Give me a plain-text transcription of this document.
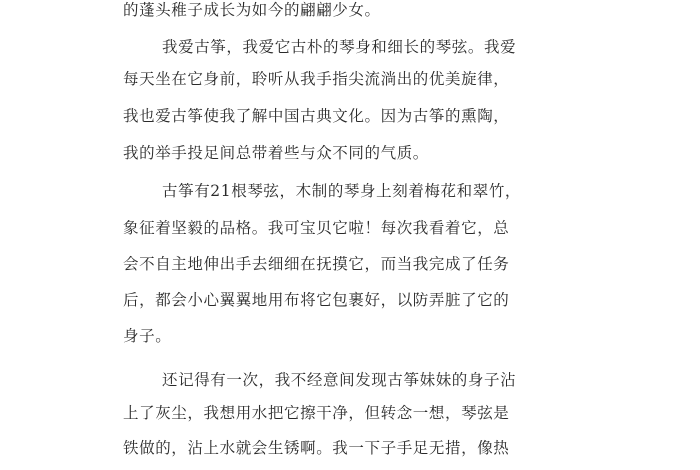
的蓬头稚子成长为如今的翩翩少女。
我爱古筝，我爱它古朴的琴身和细长的琴弦。我爱
每天坐在它身前，聆听从我手指尖流淌出的优美旋律，
我也爱古筝使我了解中国古典文化。因为古筝的熏陶，
我的举手投足间总带着些与众不同的气质。
古筝有21根琴弦，木制的琴身上刻着梅花和翠竹，
象征着坚毅的品格。我可宝贝它啦！每次我看着它，总
会不自主地伸出手去细细在抚摸它，而当我完成了任务
后，都会小心翼翼地用布将它包裹好，以防弄脏了它的
身子。
还记得有一次，我不经意间发现古筝妹妹的身子沾
上了灰尘，我想用水把它擦干净，但转念一想，琴弦是
铁做的，沾上水就会生锈啊。我一下子手足无措，像热
